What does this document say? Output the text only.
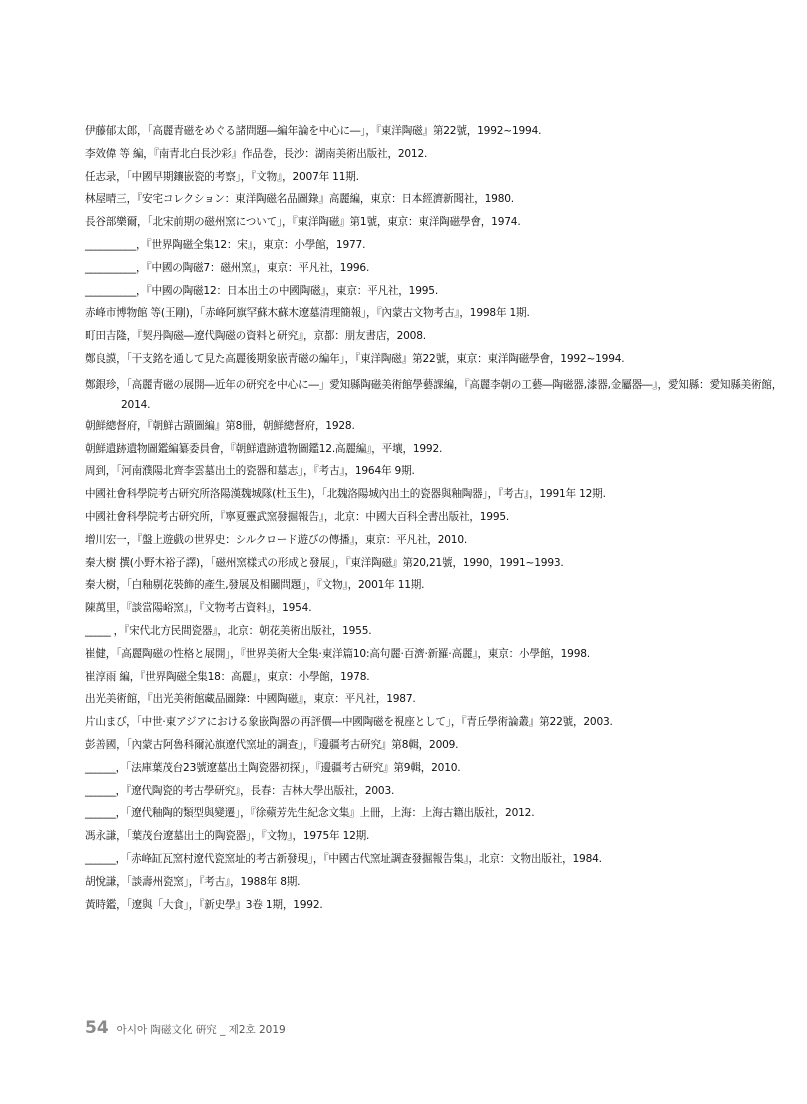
伊藤郁太郎，「高麗青磁をめぐる諸問題―編年論を中心に―」，『東洋陶磁』第22號，1992~1994.
李效偉 等 編，『南青北白長沙彩』作品巻，長沙：湖南美術出版社，2012.
任志录，「中國早期鑲嵌瓷的考察」，『文物』，2007年 11期.
林屋晴三，『安宅コレクション：東洋陶磁名品圖錄』高麗編，東京：日本經濟新聞社，1980.
長谷部樂爾，「北宋前期の磁州窯について」，『東洋陶磁』第1號，東京：東洋陶磁學會，1974.
__________，『世界陶磁全集12：宋』，東京：小學館，1977.
__________，『中國の陶磁7：磁州窯』，東京：平凡社，1996.
__________，『中國の陶磁12：日本出土の中國陶磁』，東京：平凡社，1995.
赤峰市博物館 等(王剛)，「赤峰阿旗罕蘇木蘇木遼墓清理簡報」，『內蒙古文物考古』，1998年 1期.
町田吉隆，『契丹陶磁―遼代陶磁の資料と研究』，京都：朋友書店，2008.
鄭良謨，「干支銘を通して見た高麗後期象嵌青磁の編年」，『東洋陶磁』第22號，東京：東洋陶磁學會，1992~1994.
鄭銀珍，「高麗青磁の展開―近年の研究を中心に―」愛知縣陶磁美術館學藝課編，『高麗李朝の工藝―陶磁器,漆器,金屬器―』，愛知縣：愛知縣美術館，2014.
朝鮮總督府，『朝鮮古蹟圖編』第8冊，朝鮮總督府，1928.
朝鮮遺跡遺物圖鑑編纂委員會，『朝鮮遺跡遺物圖鑑12.高麗編』，平壤，1992.
周到，「河南濮陽北齊李雲墓出土的瓷器和墓志」，『考古』，1964年 9期.
中國社會科學院考古研究所洛陽漢魏城隊(杜玉生)，「北魏洛陽城內出土的瓷器與釉陶器」，『考古』，1991年 12期.
中國社會科學院考古研究所，『寧夏靈武窯發掘報告』，北京：中國大百科全書出版社，1995.
增川宏一，『盤上遊戲の世界史：シルクロード遊びの傳播』，東京：平凡社，2010.
秦大樹 撰(小野木裕子譯)，「磁州窯樣式の形成と發展」，『東洋陶磁』第20,21號，1990，1991~1993.
秦大樹，「白釉剔花裝飾的產生,發展及相關問題」，『文物』，2001年 11期.
陳萬里，『談當陽峪窯』，『文物考古資料』，1954.
_____ ，『宋代北方民間瓷器』，北京：朝花美術出版社，1955.
崔健，「高麗陶磁の性格と展開」，『世界美術大全集·東洋篇10:高句麗·百濟·新羅·高麗』，東京：小學館，1998.
崔淳雨 編，『世界陶磁全集18：高麗』，東京：小學館，1978.
出光美術館，『出光美術館藏品圖錄：中國陶磁』，東京：平凡社，1987.
片山まび，「中世·東アジアにおける象嵌陶器の再評價―中國陶磁を視座として」，『青丘學術論叢』第22號，2003.
彭善國，「內蒙古阿魯科爾沁旗遼代窯址的調查」，『邊疆考古研究』第8輯，2009.
______，「法庫葉茂台23號遼墓出土陶瓷器初探」，『邊疆考古研究』第9輯，2010.
______，『遼代陶瓷的考古學研究』，長春：吉林大學出版社，2003.
______，「遼代釉陶的類型與變遷」，『徐蘋芳先生紀念文集』上冊，上海：上海古籍出版社，2012.
馮永謙，「葉茂台遼墓出土的陶瓷器」，『文物』，1975年 12期.
______，「赤峰缸瓦窯村遼代瓷窯址的考古新發現」，『中國古代窯址調查發掘報告集』，北京：文物出版社，1984.
胡悅謙，「談壽州瓷窯」，『考古』，1988年 8期.
黃時鑑，「遼與「大食」，『新史學』3卷 1期，1992.
54 아시아 陶磁文化 硏究 _ 제2호 2019
